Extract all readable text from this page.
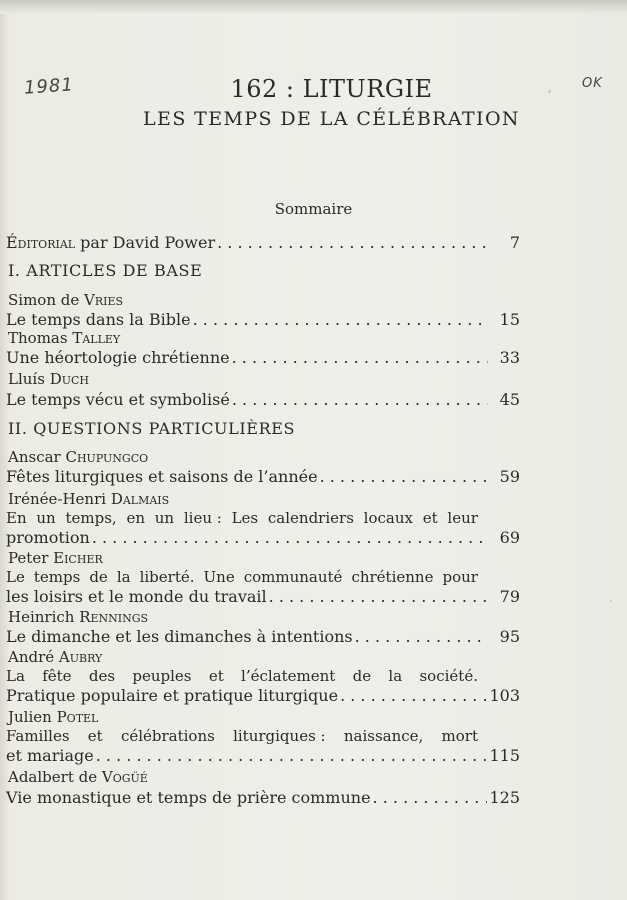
1981	OK
162 : LITURGIE
LES TEMPS DE LA CÉLÉBRATION
Sommaire
Éditorial par David Power . . .	7
I. ARTICLES DE BASE
Simon de Vries
Le temps dans la Bible . . .	15
Thomas Talley
Une héortologie chrétienne . . .	33
Lluís Duch
Le temps vécu et symbolisé . . .	45
II. QUESTIONS PARTICULIÈRES
Anscar Chupungco
Fêtes liturgiques et saisons de l’année . . .	59
Irénée-Henri Dalmais
En un temps, en un lieu : Les calendriers locaux et leur
promotion . . .	69
Peter Eicher
Le temps de la liberté. Une communauté chrétienne pour
les loisirs et le monde du travail . . .	79
Heinrich Rennings
Le dimanche et les dimanches à intentions . . .	95
André Aubry
La fête des peuples et l’éclatement de la société.
Pratique populaire et pratique liturgique . . .	103
Julien Potel
Familles et célébrations liturgiques : naissance, mort
et mariage . . .	115
Adalbert de Vogüé
Vie monastique et temps de prière commune . . .	125
